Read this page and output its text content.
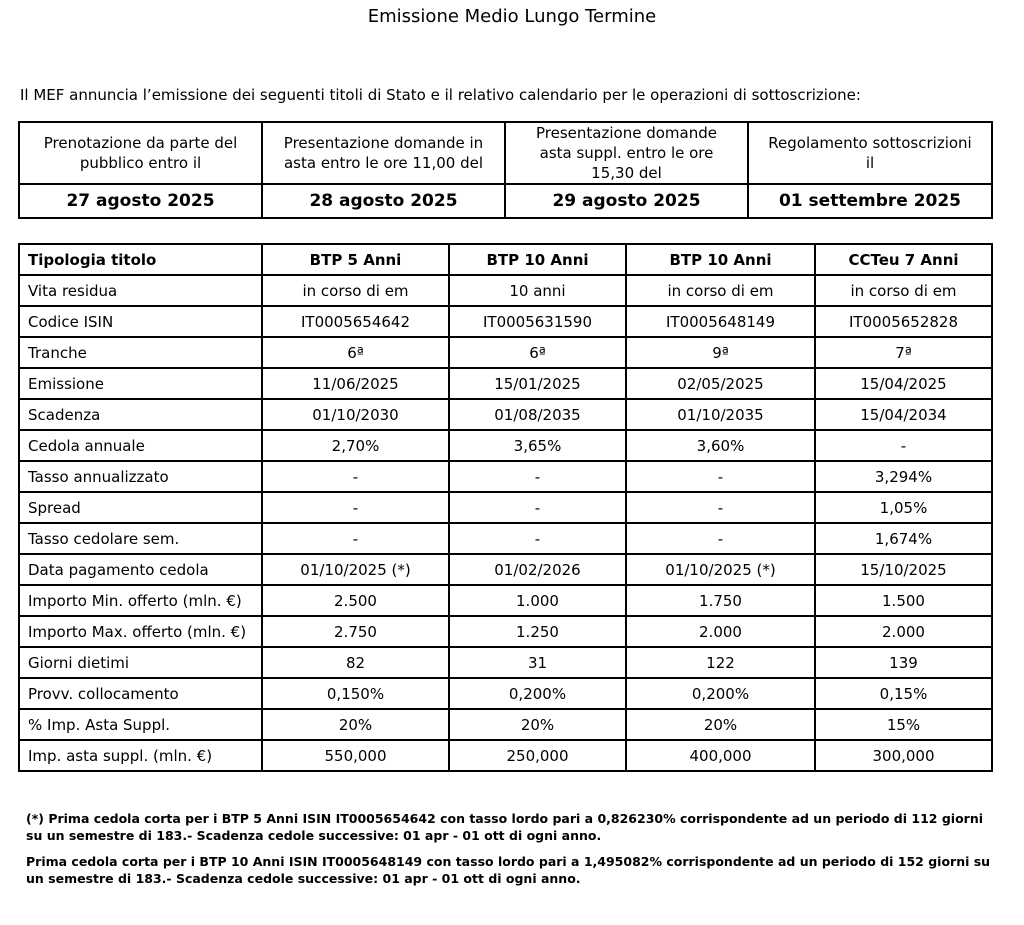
Emissione Medio Lungo Termine
Il MEF annuncia l’emissione dei seguenti titoli di Stato e il relativo calendario per le operazioni di sottoscrizione:
Prenotazione da parte del pubblico entro il	Presentazione domande in asta entro le ore 11,00 del	Presentazione domande asta suppl. entro le ore 15,30 del	Regolamento sottoscrizioni il
27 agosto 2025	28 agosto 2025	29 agosto 2025	01 settembre 2025
Tipologia titolo	BTP 5 Anni	BTP 10 Anni	BTP 10 Anni	CCTeu 7 Anni
Vita residua	in corso di em	10 anni	in corso di em	in corso di em
Codice ISIN	IT0005654642	IT0005631590	IT0005648149	IT0005652828
Tranche	6ª	6ª	9ª	7ª
Emissione	11/06/2025	15/01/2025	02/05/2025	15/04/2025
Scadenza	01/10/2030	01/08/2035	01/10/2035	15/04/2034
Cedola annuale	2,70%	3,65%	3,60%	-
Tasso annualizzato	-	-	-	3,294%
Spread	-	-	-	1,05%
Tasso cedolare sem.	-	-	-	1,674%
Data pagamento cedola	01/10/2025 (*)	01/02/2026	01/10/2025 (*)	15/10/2025
Importo Min. offerto (mln. €)	2.500	1.000	1.750	1.500
Importo Max. offerto (mln. €)	2.750	1.250	2.000	2.000
Giorni dietimi	82	31	122	139
Provv. collocamento	0,150%	0,200%	0,200%	0,15%
% Imp. Asta Suppl.	20%	20%	20%	15%
Imp. asta suppl. (mln. €)	550,000	250,000	400,000	300,000
(*) Prima cedola corta per i BTP 5 Anni ISIN IT0005654642 con tasso lordo pari a 0,826230% corrispondente ad un periodo di 112 giorni su un semestre di 183.- Scadenza cedole successive: 01 apr - 01 ott di ogni anno.
Prima cedola corta per i BTP 10 Anni ISIN IT0005648149 con tasso lordo pari a 1,495082% corrispondente ad un periodo di 152 giorni su un semestre di 183.- Scadenza cedole successive: 01 apr - 01 ott di ogni anno.
